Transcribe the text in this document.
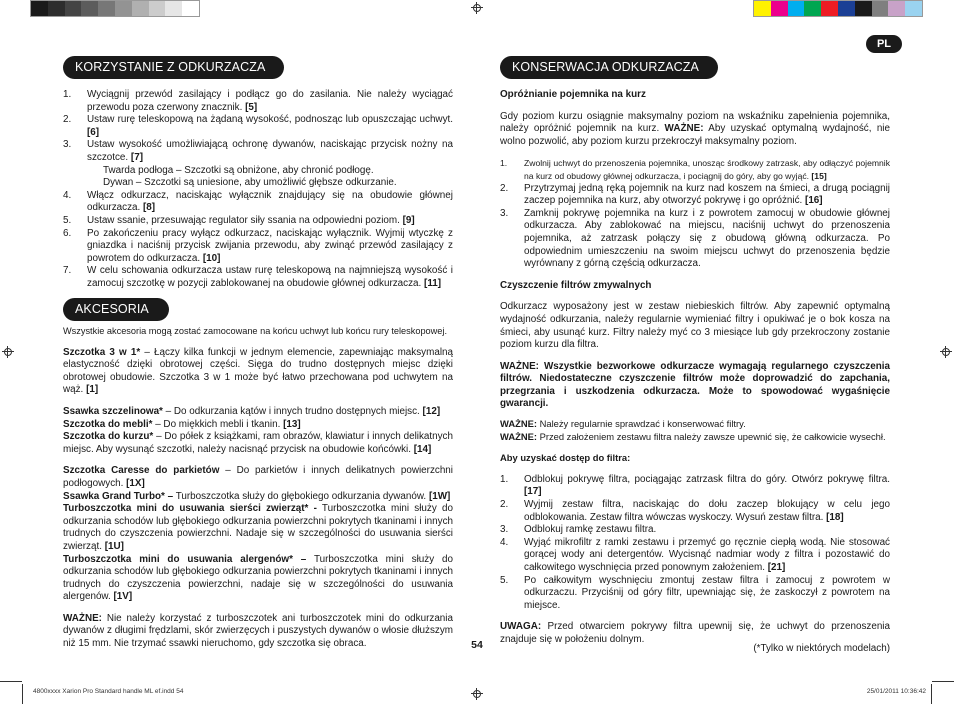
PL
KORZYSTANIE Z ODKURZACZA
1. Wyciągnij przewód zasilający i podłącz go do zasilania. Nie należy wyciągać przewodu poza czerwony znacznik. [5]
2. Ustaw rurę teleskopową na żądaną wysokość, podnosząc lub opuszczając uchwyt. [6]
3. Ustaw wysokość umożliwiającą ochronę dywanów, naciskając przycisk nożny na szczotce. [7]
Twarda podłoga – Szczotki są obniżone, aby chronić podłogę.
Dywan – Szczotki są uniesione, aby umożliwić głębsze odkurzanie.
4. Włącz odkurzacz, naciskając wyłącznik znajdujący się na obudowie głównej odkurzacza. [8]
5. Ustaw ssanie, przesuwając regulator siły ssania na odpowiedni poziom. [9]
6. Po zakończeniu pracy wyłącz odkurzacz, naciskając wyłącznik. Wyjmij wtyczkę z gniazdka i naciśnij przycisk zwijania przewodu, aby zwinąć przewód zasilający z powrotem do odkurzacza. [10]
7. W celu schowania odkurzacza ustaw rurę teleskopową na najmniejszą wysokość i zamocuj szczotkę w pozycji zablokowanej na obudowie głównej odkurzacza. [11]
AKCESORIA

Wszystkie akcesoria mogą zostać zamocowane na końcu uchwyt lub końcu rury teleskopowej.

Szczotka 3 w 1* – Łączy kilka funkcji w jednym elemencie, zapewniając maksymalną elastyczność dzięki obrotowej części. Sięga do trudno dostępnych miejsc dzięki obrotowej obudowie. Szczotka 3 w 1 może być łatwo przechowana pod uchwytem na wąż. [1]

Ssawka szczelinowa* – Do odkurzania kątów i innych trudno dostępnych miejsc. [12]

Szczotka do mebli* – Do miękkich mebli i tkanin. [13]

Szczotka do kurzu* – Do półek z książkami, ram obrazów, klawiatur i innych delikatnych miejsc. Aby wysunąć szczotki, należy nacisnąć przycisk na obudowie końcówki. [14]

Szczotka Caresse do parkietów – Do parkietów i innych delikatnych powierzchni podłogowych. [1X]

Ssawka Grand Turbo* – Turboszczotka służy do głębokiego odkurzania dywanów. [1W]

Turboszczotka mini do usuwania sierści zwierząt* - Turboszczotka mini służy do odkurzania schodów lub głębokiego odkurzania powierzchni pokrytych tkaninami i innych trudnych do czyszczenia powierzchni. Nadaje się w szczególności do usuwania sierści zwierząt. [1U]

Turboszczotka mini do usuwania alergenów* – Turboszczotka mini służy do odkurzania schodów lub głębokiego odkurzania powierzchni pokrytych tkaninami i innych trudnych do czyszczenia powierzchni, nadaje się w szczególności do usuwania alergenów. [1V]

WAŻNE: Nie należy korzystać z turboszczotek ani turboszczotek mini do odkurzania dywanów z długimi frędzlami, skór zwierzęcych i puszystych dywanów o włosie dłuższym niż 15 mm. Nie trzymać ssawki nieruchomo, gdy szczotka się obraca.

KONSERWACJA ODKURZACZA

Opróżnianie pojemnika na kurz

Gdy poziom kurzu osiągnie maksymalny poziom na wskaźniku zapełnienia pojemnika, należy opróżnić pojemnik na kurz. WAŻNE: Aby uzyskać optymalną wydajność, nie wolno pozwolić, aby poziom kurzu przekroczył maksymalny poziom.

1. Zwolnij uchwyt do przenoszenia pojemnika, unosząc środkowy zatrzask, aby odłączyć pojemnik na kurz od obudowy głównej odkurzacza, i pociągnij do góry, aby go wyjąć. [15]
2. Przytrzymaj jedną ręką pojemnik na kurz nad koszem na śmieci, a drugą pociągnij zaczep pojemnika na kurz, aby otworzyć pokrywę i go opróżnić. [16]
3. Zamknij pokrywę pojemnika na kurz i z powrotem zamocuj w obudowie głównej odkurzacza. Aby zablokować na miejscu, naciśnij uchwyt do przenoszenia pojemnika, aż zatrzask połączy się z obudową główną odkurzacza. Po odpowiednim umieszczeniu na swoim miejscu uchwyt do przenoszenia będzie wyrównany z górną częścią odkurzacza.

Czyszczenie filtrów zmywalnych

Odkurzacz wyposażony jest w zestaw niebieskich filtrów. Aby zapewnić optymalną wydajność odkurzania, należy regularnie wymieniać filtry i opukiwać je o bok kosza na śmieci, aby usunąć kurz. Filtry należy myć co 3 miesiące lub gdy przekroczony zostanie poziom kurzu dla filtra.

WAŻNE: Wszystkie bezworkowe odkurzacze wymagają regularnego czyszczenia filtrów. Niedostateczne czyszczenie filtrów może doprowadzić do zapchania, przegrzania i uszkodzenia odkurzacza. Może to spowodować wygaśnięcie gwarancji.

WAŻNE: Należy regularnie sprawdzać i konserwować filtry.

WAŻNE: Przed założeniem zestawu filtra należy zawsze upewnić się, że całkowicie wysechł.

Aby uzyskać dostęp do filtra:

1. Odblokuj pokrywę filtra, pociągając zatrzask filtra do góry. Otwórz pokrywę filtra. [17]
2. Wyjmij zestaw filtra, naciskając do dołu zaczep blokujący w celu jego odblokowania. Zestaw filtra wówczas wyskoczy. Wysuń zestaw filtra. [18]
3. Odblokuj ramkę zestawu filtra.
4. Wyjąć mikrofiltr z ramki zestawu i przemyć go ręcznie ciepłą wodą. Nie stosować gorącej wody ani detergentów. Wycisnąć nadmiar wody z filtra i pozostawić do całkowitego wyschnięcia przed ponownym założeniem. [21]
5. Po całkowitym wyschnięciu zmontuj zestaw filtra i zamocuj z powrotem w odkurzaczu. Przyciśnij od góry filtr, upewniając się, że zaskoczył z powrotem na miejsce.

UWAGA: Przed otwarciem pokrywy filtra upewnij się, że uchwyt do przenoszenia znajduje się w położeniu dolnym.

(*Tylko w niektórych modelach)
54
4800xxxx Xarion Pro Standard handle ML ef.indd 54	25/01/2011 10:36:42
